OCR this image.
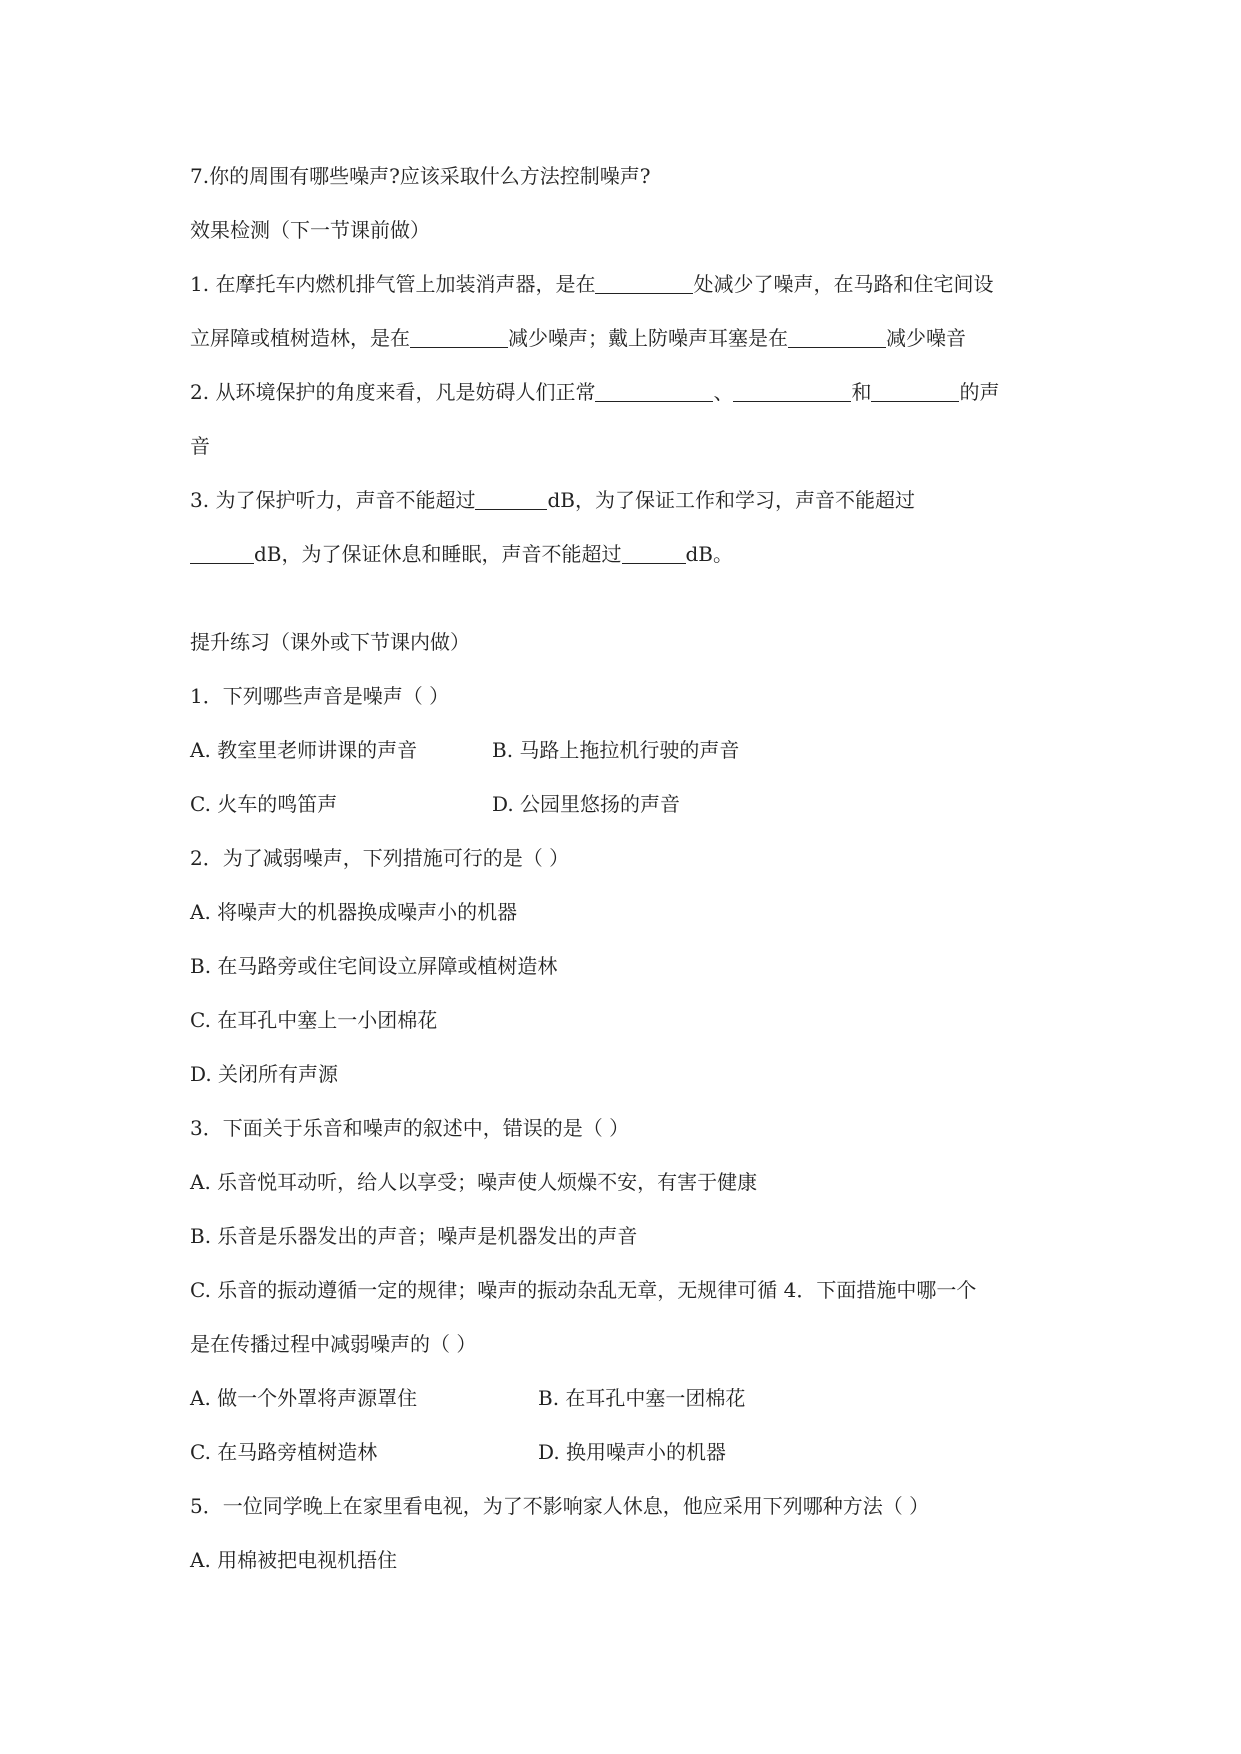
7.你的周围有哪些噪声?应该采取什么方法控制噪声?
效果检测（下一节课前做）
1. 在摩托车内燃机排气管上加装消声器，是在	处减少了噪声，在马路和住宅间设
立屏障或植树造林，是在	减少噪声；戴上防噪声耳塞是在	减少噪音
2. 从环境保护的角度来看，凡是妨碍人们正常	、	和	的声
音
3. 为了保护听力，声音不能超过	dB，为了保证工作和学习，声音不能超过
dB，为了保证休息和睡眠，声音不能超过	dB。
提升练习（课外或下节课内做）
1．下列哪些声音是噪声（ ）
A. 教室里老师讲课的声音	B. 马路上拖拉机行驶的声音
C. 火车的鸣笛声	D. 公园里悠扬的声音
2．为了减弱噪声，下列措施可行的是（ ）
A. 将噪声大的机器换成噪声小的机器
B. 在马路旁或住宅间设立屏障或植树造林
C. 在耳孔中塞上一小团棉花
D. 关闭所有声源
3．下面关于乐音和噪声的叙述中，错误的是（ ）
A. 乐音悦耳动听，给人以享受；噪声使人烦燥不安，有害于健康
B. 乐音是乐器发出的声音；噪声是机器发出的声音
C. 乐音的振动遵循一定的规律；噪声的振动杂乱无章，无规律可循 4．下面措施中哪一个
是在传播过程中减弱噪声的（ ）
A. 做一个外罩将声源罩住	B. 在耳孔中塞一团棉花
C. 在马路旁植树造林	D. 换用噪声小的机器
5．一位同学晚上在家里看电视，为了不影响家人休息，他应采用下列哪种方法（ ）
A. 用棉被把电视机捂住
